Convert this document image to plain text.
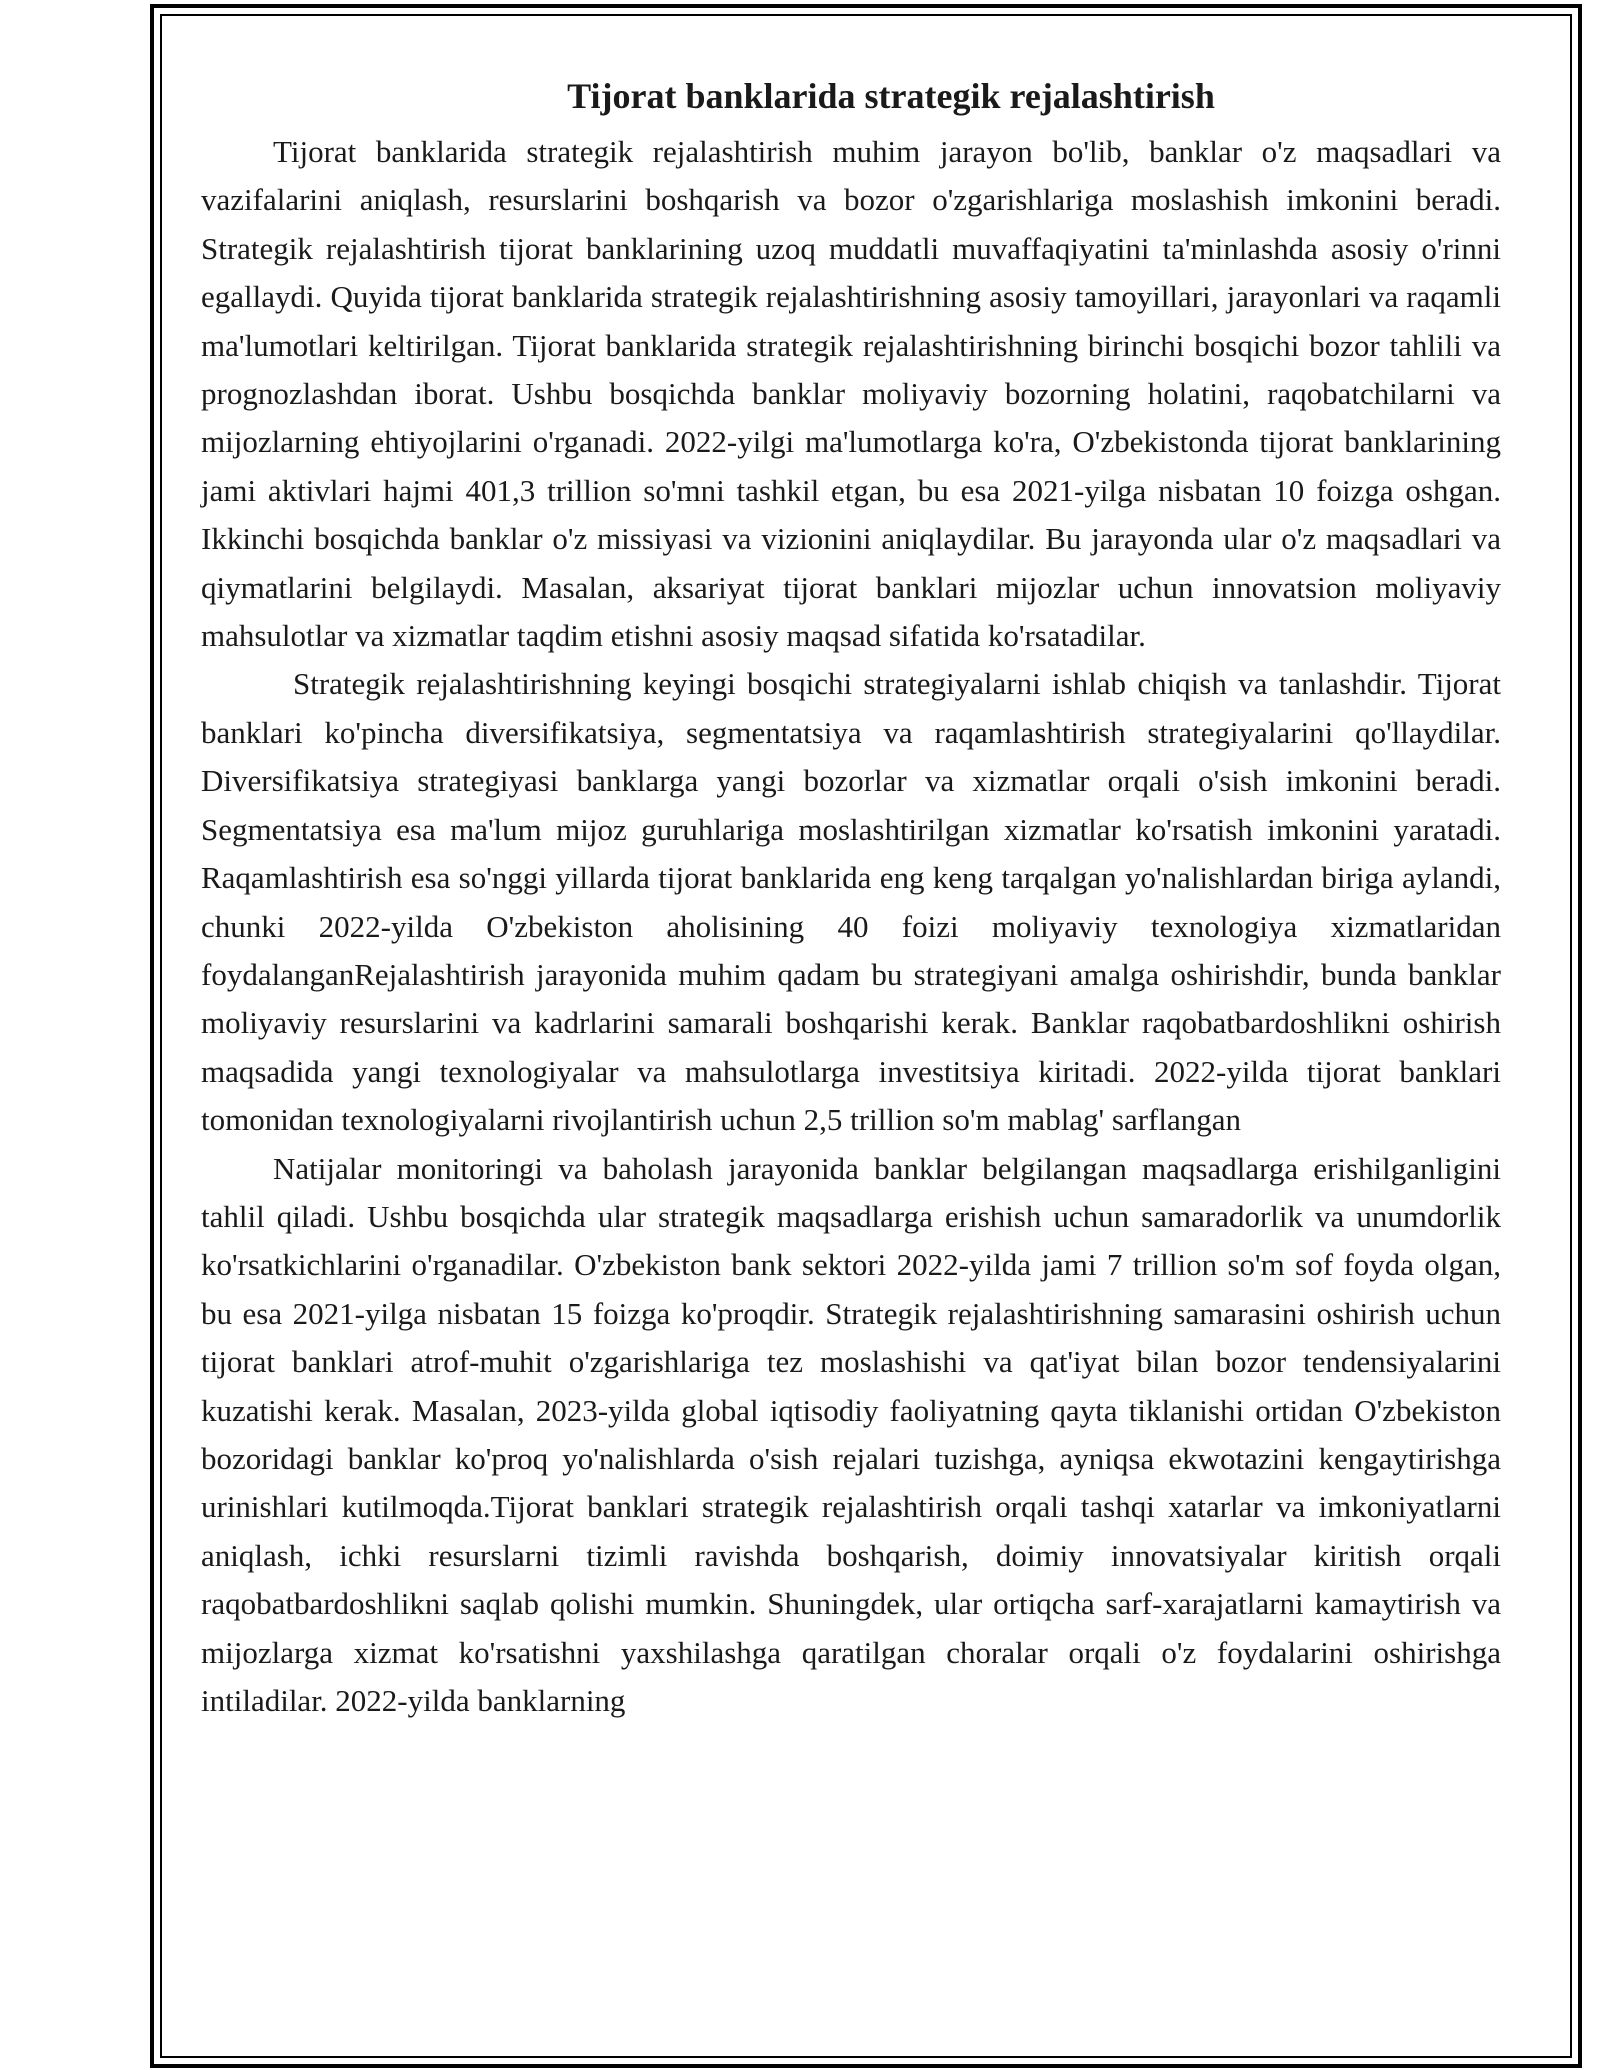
Tijorat banklarida strategik rejalashtirish

Tijorat banklarida strategik rejalashtirish muhim jarayon bo'lib, banklar o'z maqsadlari va vazifalarini aniqlash, resurslarini boshqarish va bozor o'zgarishlariga moslashish imkonini beradi. Strategik rejalashtirish tijorat banklarining uzoq muddatli muvaffaqiyatini ta'minlashda asosiy o'rinni egallaydi. Quyida tijorat banklarida strategik rejalashtirishning asosiy tamoyillari, jarayonlari va raqamli ma'lumotlari keltirilgan. Tijorat banklarida strategik rejalashtirishning birinchi bosqichi bozor tahlili va prognozlashdan iborat. Ushbu bosqichda banklar moliyaviy bozorning holatini, raqobatchilarni va mijozlarning ehtiyojlarini o'rganadi. 2022-yilgi ma'lumotlarga ko'ra, O'zbekistonda tijorat banklarining jami aktivlari hajmi 401,3 trillion so'mni tashkil etgan, bu esa 2021-yilga nisbatan 10 foizga oshgan. Ikkinchi bosqichda banklar o'z missiyasi va vizionini aniqlaydilar. Bu jarayonda ular o'z maqsadlari va qiymatlarini belgilaydi. Masalan, aksariyat tijorat banklari mijozlar uchun innovatsion moliyaviy mahsulotlar va xizmatlar taqdim etishni asosiy maqsad sifatida ko'rsatadilar.

Strategik rejalashtirishning keyingi bosqichi strategiyalarni ishlab chiqish va tanlashdir. Tijorat banklari ko'pincha diversifikatsiya, segmentatsiya va raqamlashtirish strategiyalarini qo'llaydilar. Diversifikatsiya strategiyasi banklarga yangi bozorlar va xizmatlar orqali o'sish imkonini beradi. Segmentatsiya esa ma'lum mijoz guruhlariga moslashtirilgan xizmatlar ko'rsatish imkonini yaratadi. Raqamlashtirish esa so'nggi yillarda tijorat banklarida eng keng tarqalgan yo'nalishlardan biriga aylandi, chunki 2022-yilda O'zbekiston aholisining 40 foizi moliyaviy texnologiya xizmatlaridan foydalanganRejalashtirish jarayonida muhim qadam bu strategiyani amalga oshirishdir, bunda banklar moliyaviy resurslarini va kadrlarini samarali boshqarishi kerak. Banklar raqobatbardoshlikni oshirish maqsadida yangi texnologiyalar va mahsulotlarga investitsiya kiritadi. 2022-yilda tijorat banklari tomonidan texnologiyalarni rivojlantirish uchun 2,5 trillion so'm mablag' sarflangan

Natijalar monitoringi va baholash jarayonida banklar belgilangan maqsadlarga erishilganligini tahlil qiladi. Ushbu bosqichda ular strategik maqsadlarga erishish uchun samaradorlik va unumdorlik ko'rsatkichlarini o'rganadilar. O'zbekiston bank sektori 2022-yilda jami 7 trillion so'm sof foyda olgan, bu esa 2021-yilga nisbatan 15 foizga ko'proqdir. Strategik rejalashtirishning samarasini oshirish uchun tijorat banklari atrof-muhit o'zgarishlariga tez moslashishi va qat'iyat bilan bozor tendensiyalarini kuzatishi kerak. Masalan, 2023-yilda global iqtisodiy faoliyatning qayta tiklanishi ortidan O'zbekiston bozoridagi banklar ko'proq yo'nalishlarda o'sish rejalari tuzishga, ayniqsa ekwotazini kengaytirishga urinishlari kutilmoqda.Tijorat banklari strategik rejalashtirish orqali tashqi xatarlar va imkoniyatlarni aniqlash, ichki resurslarni tizimli ravishda boshqarish, doimiy innovatsiyalar kiritish orqali raqobatbardoshlikni saqlab qolishi mumkin. Shuningdek, ular ortiqcha sarf-xarajatlarni kamaytirish va mijozlarga xizmat ko'rsatishni yaxshilashga qaratilgan choralar orqali o'z foydalarini oshirishga intiladilar. 2022-yilda banklarning
